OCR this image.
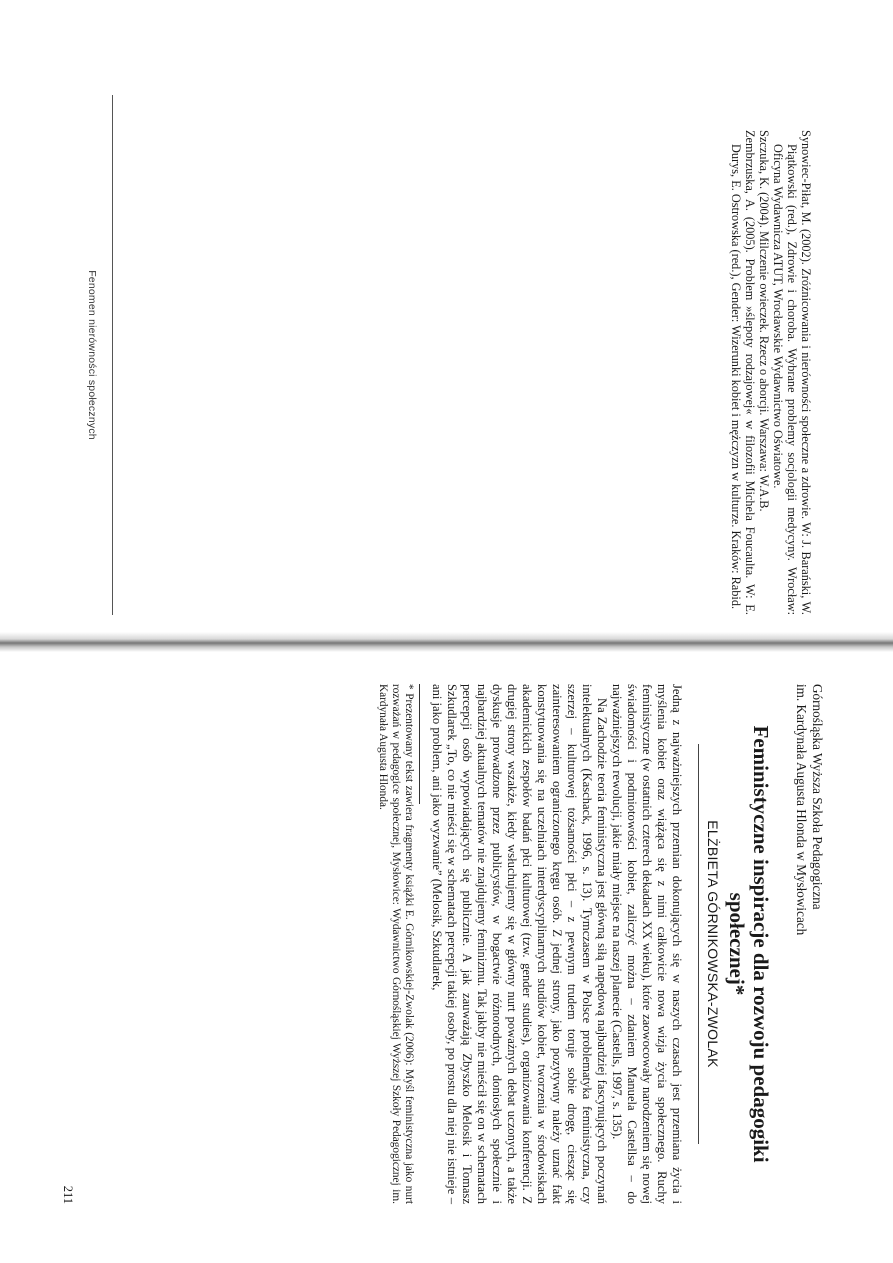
Synowiec-Piłat, M. (2002). Zróżnicowania i nierówności społeczne a zdrowie. W: J. Barański, W. Piątkowski (red.), Zdrowie i choroba. Wybrane problemy socjologii medycyny. Wrocław: Oficyna Wydawnicza ATUT, Wrocławskie Wydawnictwo Oświatowe.

Szczuka, K. (2004). Milczenie owieczek. Rzecz o aborcji. Warszawa: W.A.B.

Zembrzuska, A. (2005). Problem »ślepoty rodzajowej« w filozofii Michela Foucaulta. W: E. Durys, E. Ostrowska (red.), Gender: Wizerunki kobiet i mężczyzn w kulturze. Kraków: Rabid.

Fenomen nierówności społecznych
Górnośląska Wyższa Szkoła Pedagogiczna
im. Kardynała Augusta Hlonda w Mysłowicach
Feministyczne inspiracje dla rozwoju pedagogiki społecznej*
ELŻBIETA GÓRNIKOWSKA-ZWOLAK

Jedną z najważniejszych przemian dokonujących się w naszych czasach jest przemiana życia i myślenia kobiet oraz wiążąca się z nimi całkowicie nowa wizja życia społecznego. Ruchy feministyczne (w ostatnich czterech dekadach XX wieku), które zaowocowały narodzeniem się nowej świadomości i podmiotowości kobiet, zaliczyć można – zdaniem Manuela Castellsa – do najważniejszych rewolucji, jakie miały miejsce na naszej planecie (Castells, 1997, s. 135).

Na Zachodzie teoria feministyczna jest główną siłą napędową najbardziej fascynujących poczynań intelektualnych (Kaschack, 1996, s. 13). Tymczasem w Polsce problematyka feministyczna, czy szerzej – kulturowej tożsamości płci – z pewnym trudem toruje sobie drogę, ciesząc się zainteresowaniem ograniczonego kręgu osób. Z jednej strony, jako pozytywny należy uznać fakt konstytuowania się na uczelniach interdyscyplinarnych studiów kobiet, tworzenia w środowiskach akademickich zespołów badań płci kulturowej (tzw. gender studies), organizowania konferencji. Z drugiej strony wszakże, kiedy wsłuchujemy się w główny nurt poważnych debat uczonych, a także dyskusje prowadzone przez publicystów, w bogactwie różnorodnych, doniosłych społecznie i najbardziej aktualnych tematów nie znajdujemy feminizmu. Tak jakby nie mieścił się on w schematach percepcji osób wypowiadających się publicznie. A jak zauważają Zbyszko Melosik i Tomasz Szkudlarek „To, co nie mieści się w schematach percepcji takiej osoby, po prostu dla niej nie istnieje – ani jako problem, ani jako wyzwanie” (Melosik, Szkudlarek,

* Prezentowany tekst zawiera fragmenty książki E. Górnikowskiej-Zwolak (2006): Myśl feministyczna jako nurt rozważań w pedagogice społecznej, Mysłowice: Wydawnictwo Górnośląskiej Wyższej Szkoły Pedagogicznej im. Kardynała Augusta Hlonda.

211
